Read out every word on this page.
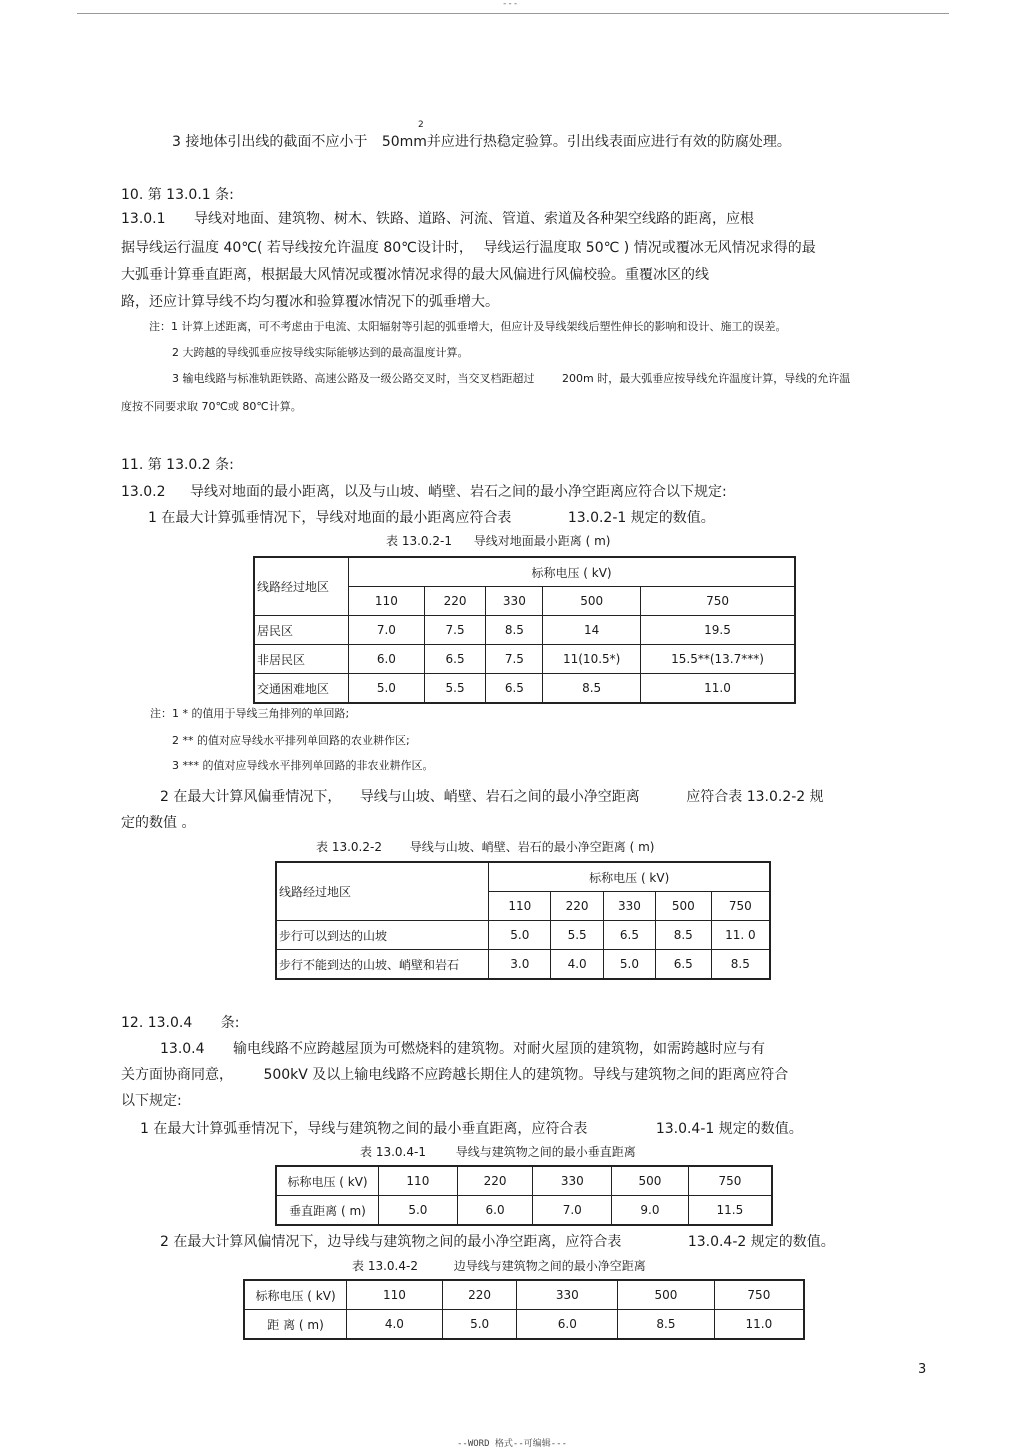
---
2
3 接地体引出线的截面不应小于 50mm并应进行热稳定验算。引出线表面应进行有效的防腐处理。
10. 第 13.0.1 条:
13.0.1 导线对地面、建筑物、树木、铁路、道路、河流、管道、索道及各种架空线路的距离，应根
据导线运行温度 40℃( 若导线按允许温度 80℃设计时， 导线运行温度取 50℃ ) 情况或覆冰无风情况求得的最
大弧垂计算垂直距离，根据最大风情况或覆冰情况求得的最大风偏进行风偏校验。重覆冰区的线
路，还应计算导线不均匀覆冰和验算覆冰情况下的弧垂增大。
注：1 计算上述距离，可不考虑由于电流、太阳辐射等引起的弧垂增大，但应计及导线架线后塑性伸长的影响和设计、施工的误差。
2 大跨越的导线弧垂应按导线实际能够达到的最高温度计算。
3 输电线路与标准轨距铁路、高速公路及一级公路交叉时，当交叉档距超过	200m 时，最大弧垂应按导线允许温度计算，导线的允许温
度按不同要求取 70℃或 80℃计算。
11. 第 13.0.2 条:
13.0.2 导线对地面的最小距离，以及与山坡、峭壁、岩石之间的最小净空距离应符合以下规定:
1 在最大计算弧垂情况下，导线对地面的最小距离应符合表	13.0.2-1 规定的数值。
表 13.0.2-1 导线对地面最小距离 ( m)
线路经过地区	标称电压 ( kV)				
	110	220	330	500	750
居民区	7.0	7.5	8.5	14	19.5
非居民区	6.0	6.5	7.5	11(10.5*)	15.5**(13.7***)
交通困难地区	5.0	5.5	6.5	8.5	11.0
注：1 * 的值用于导线三角排列的单回路;
2 ** 的值对应导线水平排列单回路的农业耕作区;
3 *** 的值对应导线水平排列单回路的非农业耕作区。
2 在最大计算风偏垂情况下， 导线与山坡、峭壁、岩石之间的最小净空距离	应符合表 13.0.2-2 规
定的数值 。
表 13.0.2-2 导线与山坡、峭壁、岩石的最小净空距离 ( m)
线路经过地区	标称电压 ( kV)				
	110	220	330	500	750
步行可以到达的山坡	5.0	5.5	6.5	8.5	11. 0
步行不能到达的山坡、峭壁和岩石	3.0	4.0	5.0	6.5	8.5
12. 13.0.4 条:
13.0.4 输电线路不应跨越屋顶为可燃烧料的建筑物。对耐火屋顶的建筑物，如需跨越时应与有
关方面协商同意， 500kV 及以上输电线路不应跨越长期住人的建筑物。导线与建筑物之间的距离应符合
以下规定:
1 在最大计算弧垂情况下，导线与建筑物之间的最小垂直距离，应符合表	13.0.4-1 规定的数值。
表 13.0.4-1 导线与建筑物之间的最小垂直距离
标称电压 ( kV)	110	220	330	500	750
垂直距离 ( m)	5.0	6.0	7.0	9.0	11.5
2 在最大计算风偏情况下，边导线与建筑物之间的最小净空距离，应符合表	13.0.4-2 规定的数值。
表 13.0.4-2	边导线与建筑物之间的最小净空距离
标称电压 ( kV)	110	220	330	500	750
距 离 ( m)	4.0	5.0	6.0	8.5	11.0
3
--WORD 格式--可编辑---
